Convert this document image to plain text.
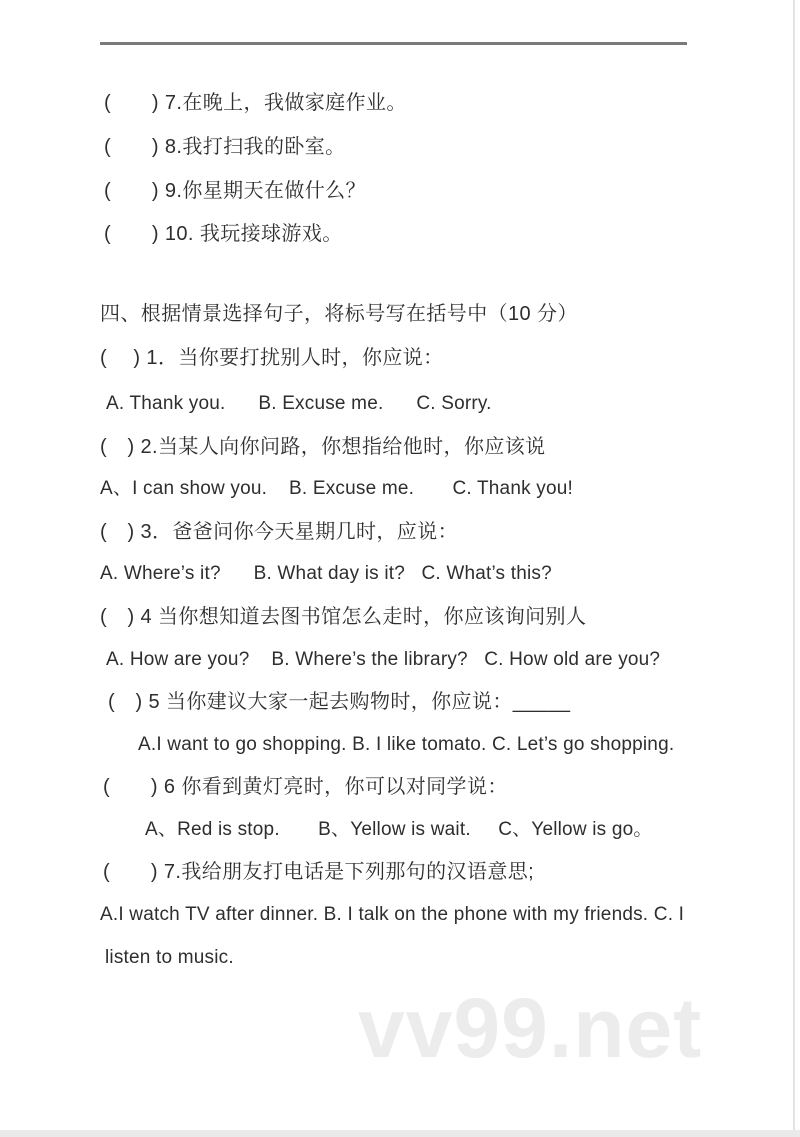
(　　) 7.在晚上，我做家庭作业。
(　　) 8.我打扫我的卧室。
(　　) 9.你星期天在做什么？
(　　) 10. 我玩接球游戏。
四、根据情景选择句子，将标号写在括号中（10 分）
(　 ) 1．当你要打扰别人时，你应说：
A. Thank you.      B. Excuse me.      C. Sorry.
(　) 2.当某人向你问路，你想指给他时，你应该说
A、I can show you.    B. Excuse me.       C. Thank you!
(　) 3．爸爸问你今天星期几时，应说：
A. Where’s it?      B. What day is it?   C. What’s this?
(　) 4 当你想知道去图书馆怎么走时，你应该询问别人
A. How are you?    B. Where’s the library?   C. How old are you?
(　) 5 当你建议大家一起去购物时，你应说：_____
A.I want to go shopping. B. I like tomato. C. Let’s go shopping.
(　　) 6 你看到黄灯亮时，你可以对同学说：
A、Red is stop.       B、Yellow is wait.     C、Yellow is go。
(　　) 7.我给朋友打电话是下列那句的汉语意思;
A.I watch TV after dinner. B. I talk on the phone with my friends. C. I
listen to music.
vv99.net
